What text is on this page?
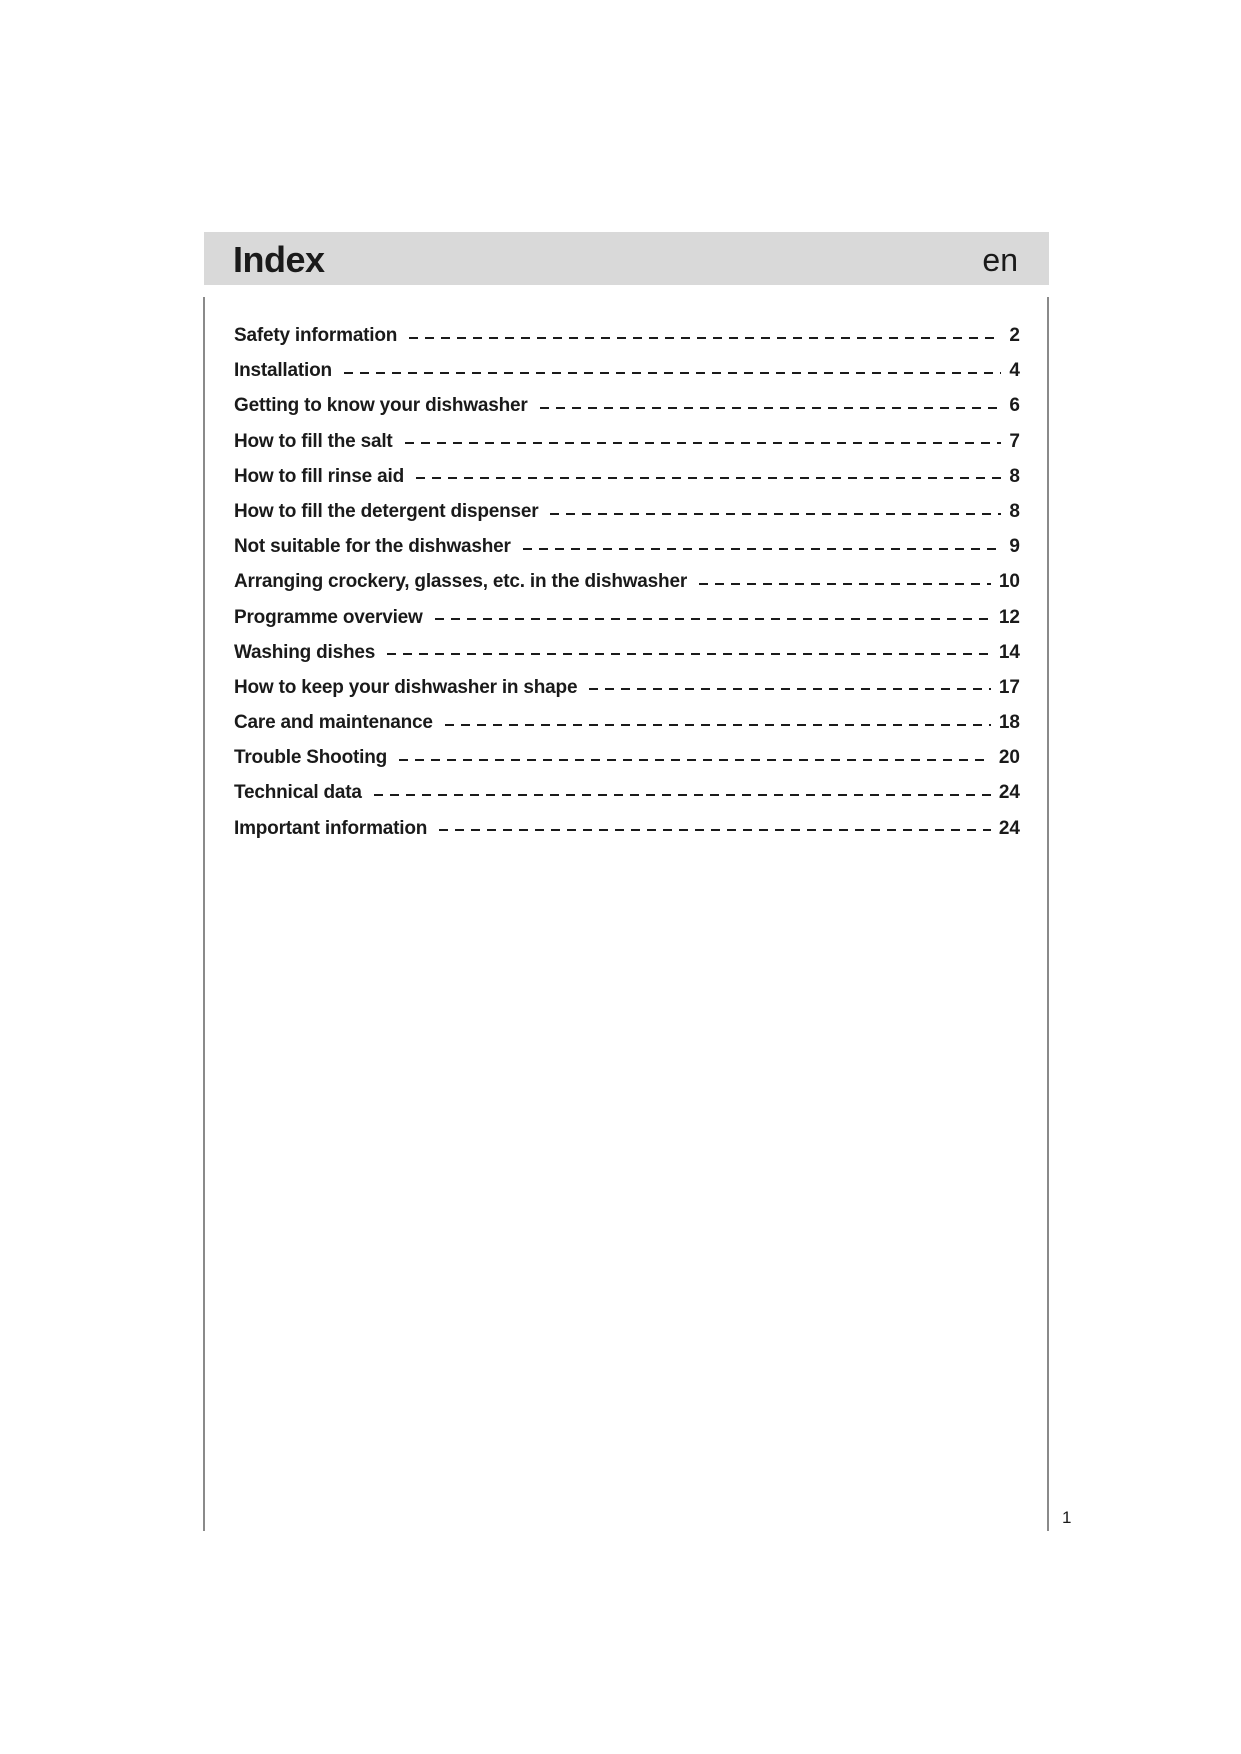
Index	en
Safety information	2
Installation	4
Getting to know your dishwasher	6
How to fill the salt	7
How to fill rinse aid	8
How to fill the detergent dispenser	8
Not suitable for the dishwasher	9
Arranging crockery, glasses, etc. in the dishwasher	10
Programme overview	12
Washing dishes	14
How to keep your dishwasher in shape	17
Care and maintenance	18
Trouble Shooting	20
Technical data	24
Important information	24
1
